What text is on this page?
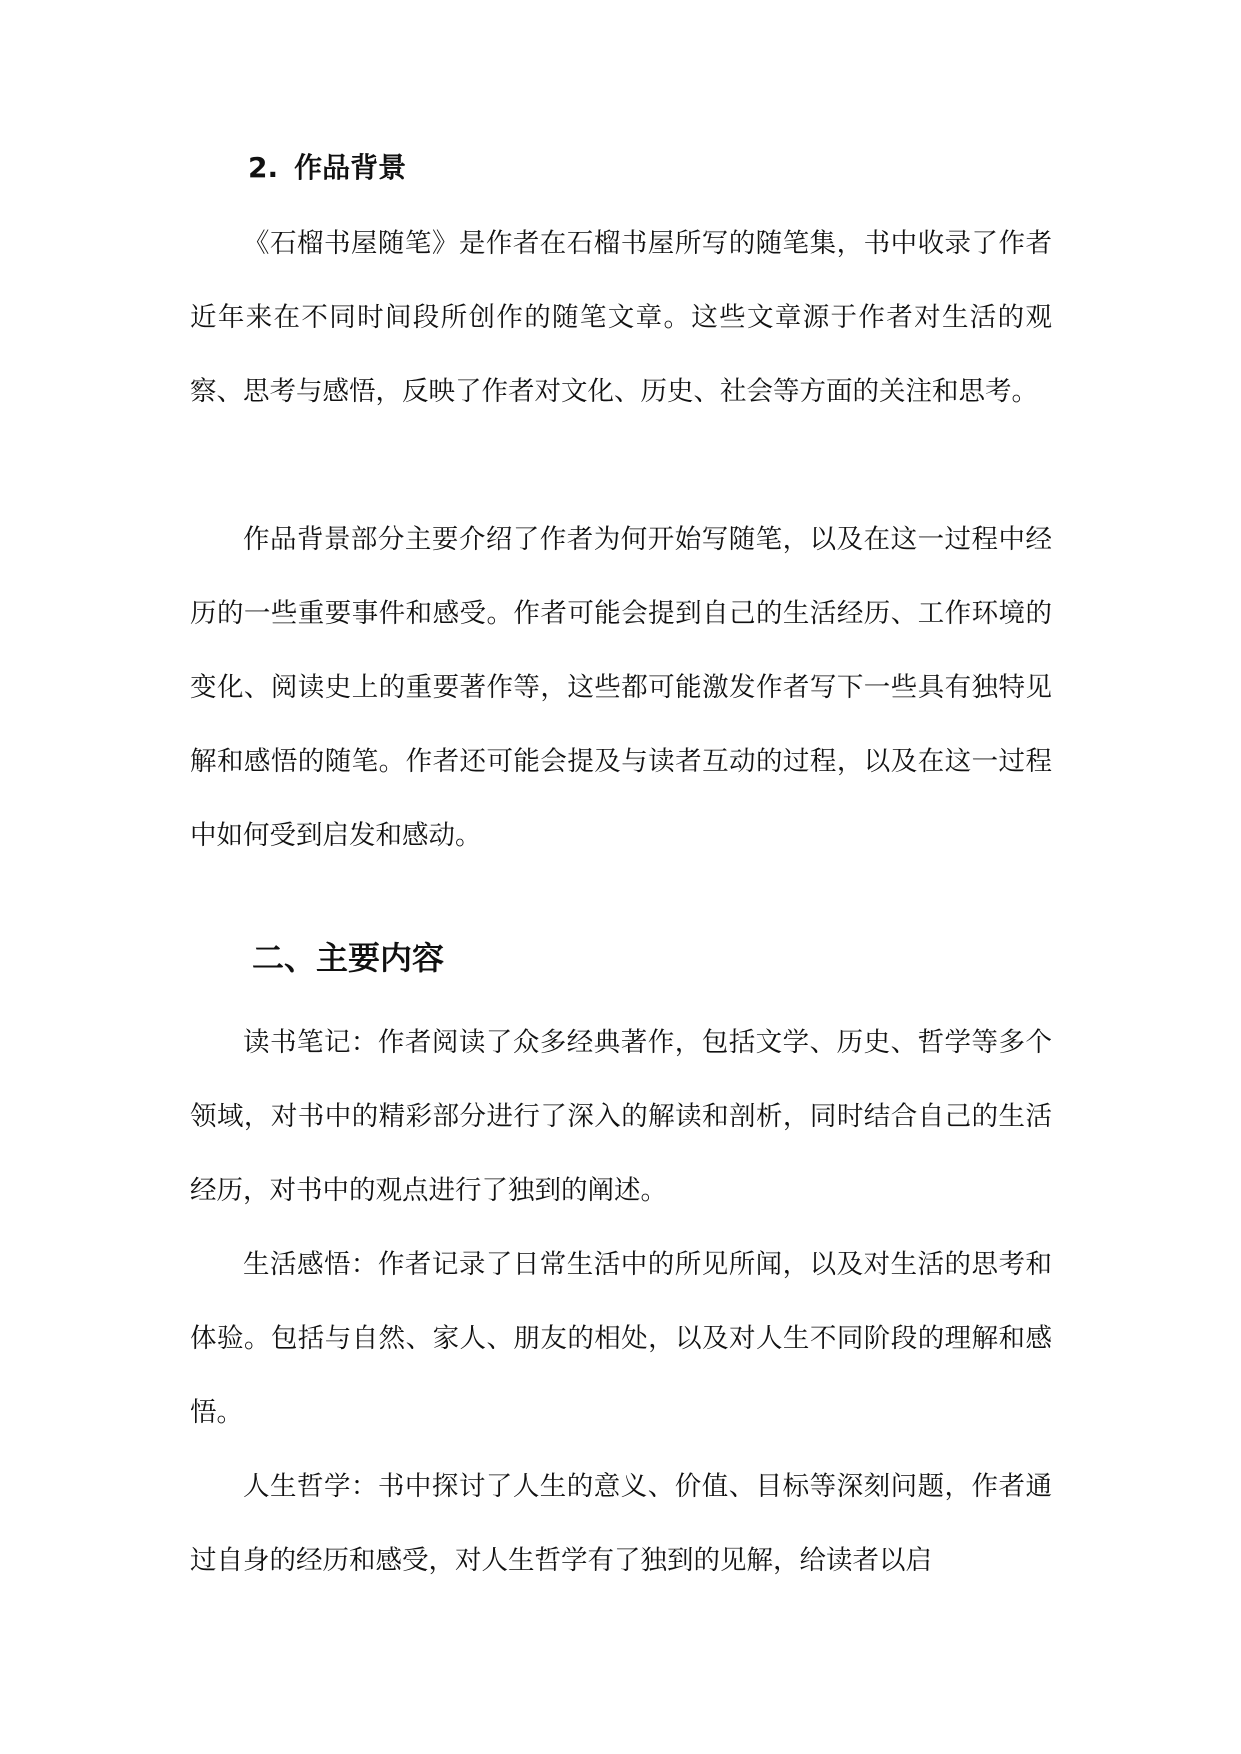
2. 作品背景

《石榴书屋随笔》是作者在石榴书屋所写的随笔集，书中收录了作者近年来在不同时间段所创作的随笔文章。这些文章源于作者对生活的观察、思考与感悟，反映了作者对文化、历史、社会等方面的关注和思考。

作品背景部分主要介绍了作者为何开始写随笔，以及在这一过程中经历的一些重要事件和感受。作者可能会提到自己的生活经历、工作环境的变化、阅读史上的重要著作等，这些都可能激发作者写下一些具有独特见解和感悟的随笔。作者还可能会提及与读者互动的过程，以及在这一过程中如何受到启发和感动。

二、主要内容

读书笔记：作者阅读了众多经典著作，包括文学、历史、哲学等多个领域，对书中的精彩部分进行了深入的解读和剖析，同时结合自己的生活经历，对书中的观点进行了独到的阐述。

生活感悟：作者记录了日常生活中的所见所闻，以及对生活的思考和体验。包括与自然、家人、朋友的相处，以及对人生不同阶段的理解和感悟。

人生哲学：书中探讨了人生的意义、价值、目标等深刻问题，作者通过自身的经历和感受，对人生哲学有了独到的见解，给读者以启
